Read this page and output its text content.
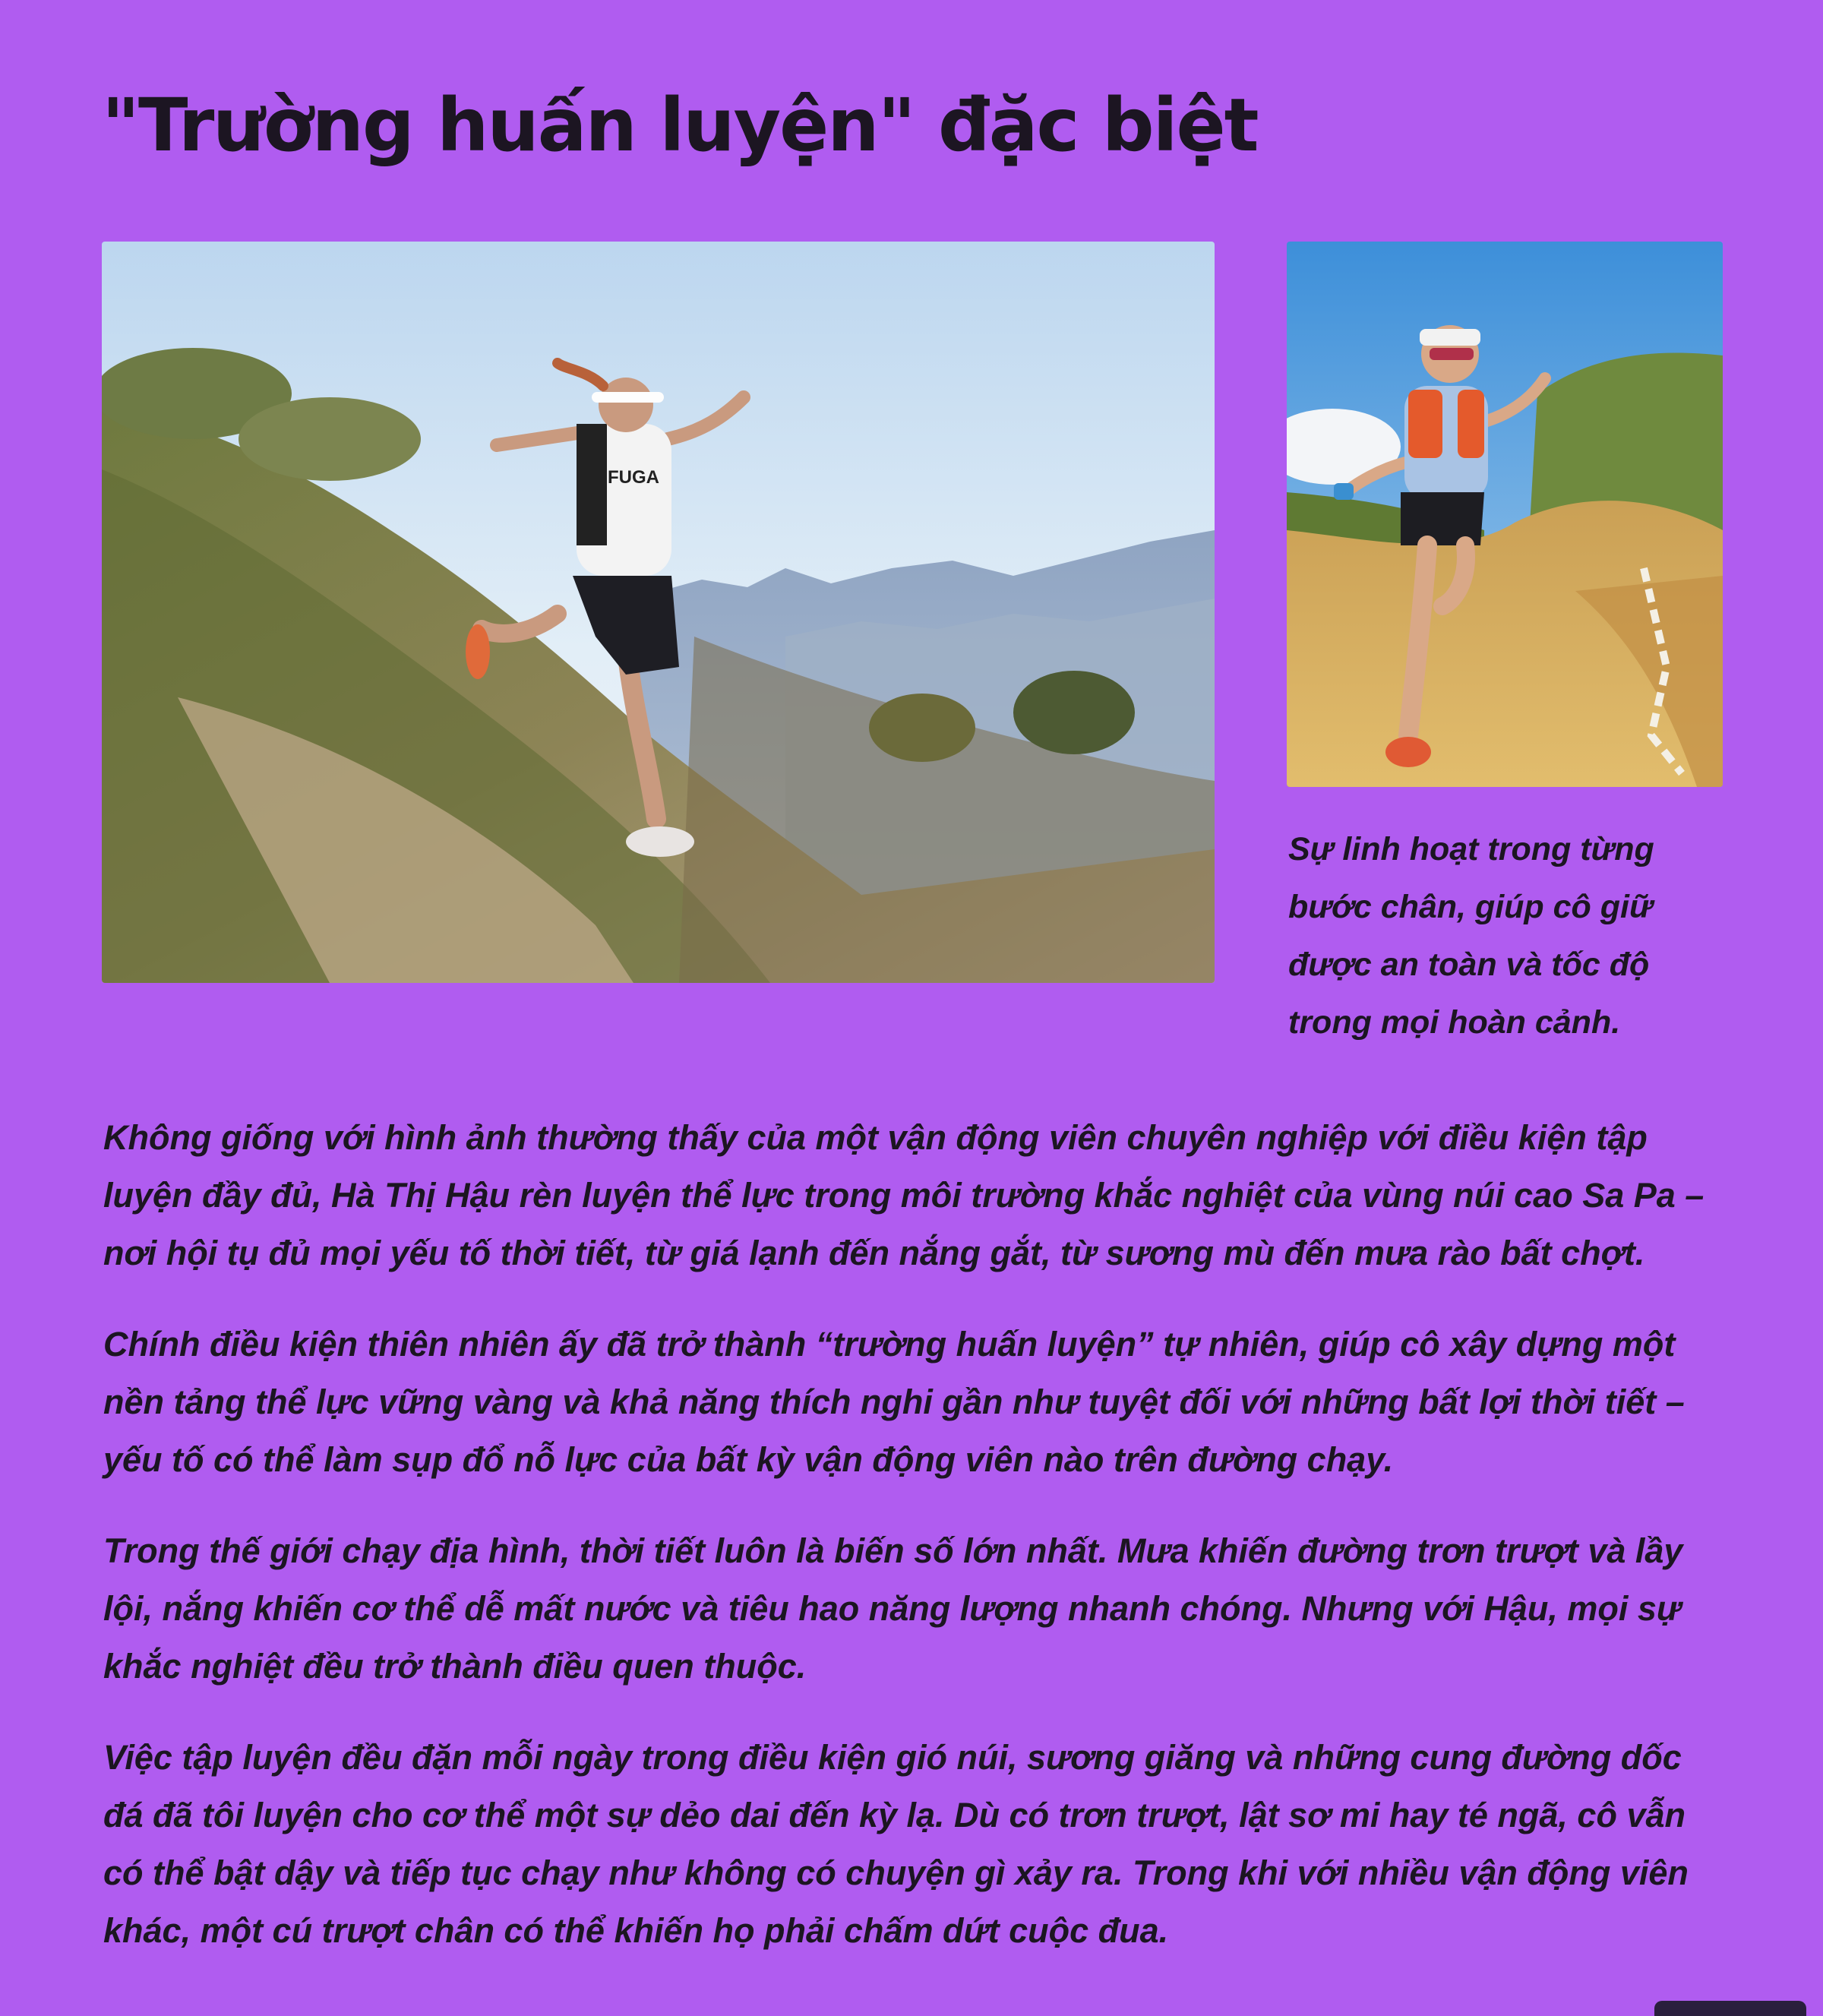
"Trường huấn luyện" đặc biệt
FUGA

Sự linh hoạt trong từng bước chân, giúp cô giữ được an toàn và tốc độ trong mọi hoàn cảnh.

Không giống với hình ảnh thường thấy của một vận động viên chuyên nghiệp với điều kiện tập luyện đầy đủ, Hà Thị Hậu rèn luyện thể lực trong môi trường khắc nghiệt của vùng núi cao Sa Pa – nơi hội tụ đủ mọi yếu tố thời tiết, từ giá lạnh đến nắng gắt, từ sương mù đến mưa rào bất chợt.

Chính điều kiện thiên nhiên ấy đã trở thành “trường huấn luyện” tự nhiên, giúp cô xây dựng một nền tảng thể lực vững vàng và khả năng thích nghi gần như tuyệt đối với những bất lợi thời tiết – yếu tố có thể làm sụp đổ nỗ lực của bất kỳ vận động viên nào trên đường chạy.

Trong thế giới chạy địa hình, thời tiết luôn là biến số lớn nhất. Mưa khiến đường trơn trượt và lầy lội, nắng khiến cơ thể dễ mất nước và tiêu hao năng lượng nhanh chóng. Nhưng với Hậu, mọi sự khắc nghiệt đều trở thành điều quen thuộc.

Việc tập luyện đều đặn mỗi ngày trong điều kiện gió núi, sương giăng và những cung đường dốc đá đã tôi luyện cho cơ thể một sự dẻo dai đến kỳ lạ. Dù có trơn trượt, lật sơ mi hay té ngã, cô vẫn có thể bật dậy và tiếp tục chạy như không có chuyện gì xảy ra. Trong khi với nhiều vận động viên khác, một cú trượt chân có thể khiến họ phải chấm dứt cuộc đua.
